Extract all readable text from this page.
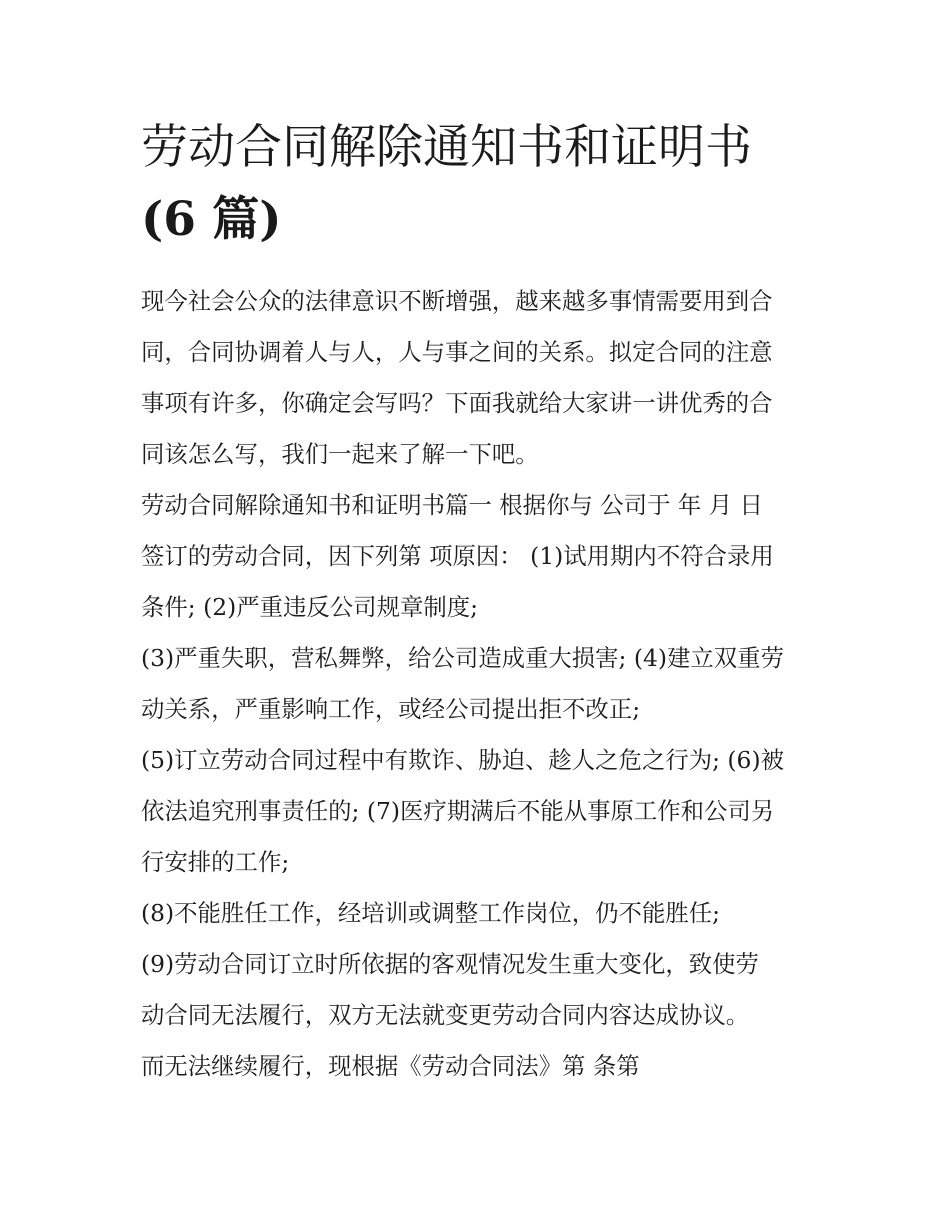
劳动合同解除通知书和证明书
(6 篇)

现今社会公众的法律意识不断增强，越来越多事情需要用到合
同，合同协调着人与人，人与事之间的关系。拟定合同的注意
事项有许多，你确定会写吗？下面我就给大家讲一讲优秀的合
同该怎么写，我们一起来了解一下吧。

劳动合同解除通知书和证明书篇一 根据你与 公司于 年 月 日
签订的劳动合同，因下列第 项原因： (1)试用期内不符合录用
条件; (2)严重违反公司规章制度;

(3)严重失职，营私舞弊，给公司造成重大损害; (4)建立双重劳
动关系，严重影响工作，或经公司提出拒不改正;

(5)订立劳动合同过程中有欺诈、胁迫、趁人之危之行为; (6)被
依法追究刑事责任的; (7)医疗期满后不能从事原工作和公司另
行安排的工作;

(8)不能胜任工作，经培训或调整工作岗位，仍不能胜任;

(9)劳动合同订立时所依据的客观情况发生重大变化，致使劳
动合同无法履行，双方无法就变更劳动合同内容达成协议。

而无法继续履行，现根据《劳动合同法》第 条第
